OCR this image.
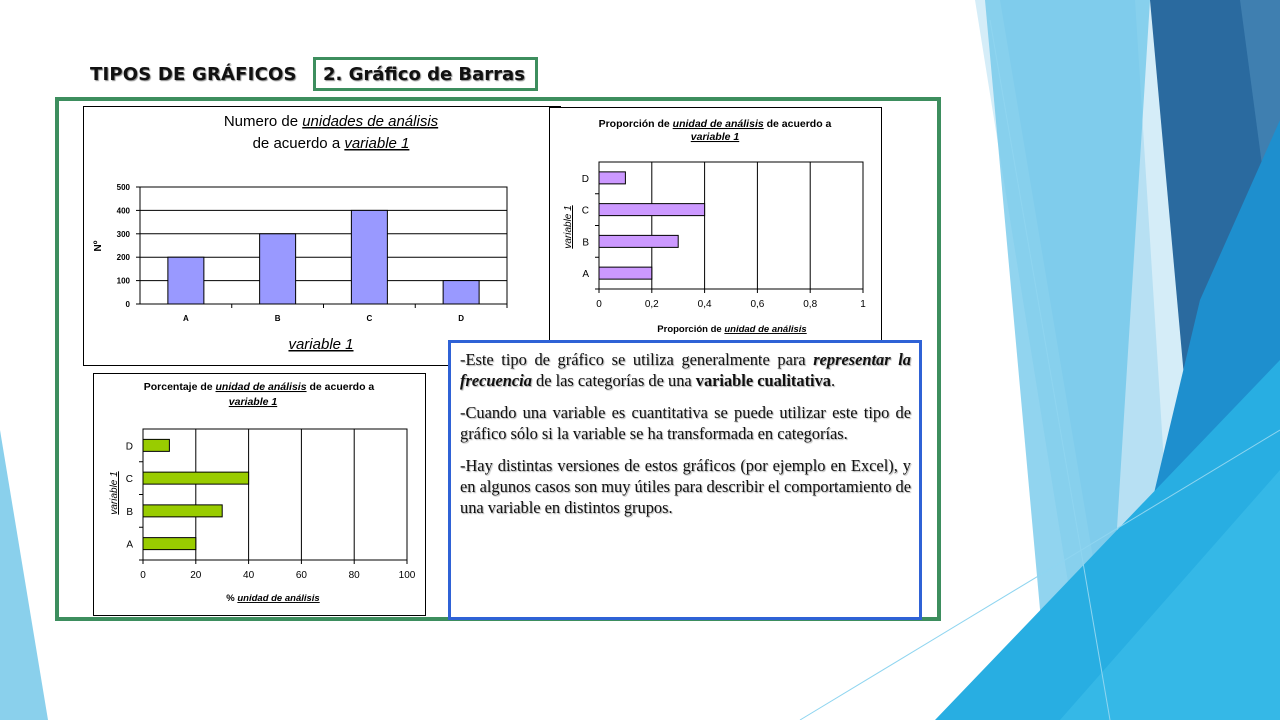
TIPOS DE GRÁFICOS 2. Gráfico de Barras
Numero de unidades de análisis
de acuerdo a variable 1
Nº
variable 1
0
100
200
300
400
500
A	B	C	D
Proporción de unidad de análisis de acuerdo a
variable 1
variable 1
Proporción de unidad de análisis
0	0,2	0,4	0,6	0,8	1
A
B
C
D
Porcentaje de unidad de análisis de acuerdo a
variable 1
variable 1
% unidad de análisis
0	20	40	60	80	100
A
B
C
D

-Este tipo de gráfico se utiliza generalmente para representar la frecuencia de las categorías de una variable cualitativa.

-Cuando una variable es cuantitativa se puede utilizar este tipo de gráfico sólo si la variable se ha transformada en categorías.

-Hay distintas versiones de estos gráficos (por ejemplo en Excel), y en algunos casos son muy útiles para describir el comportamiento de una variable en distintos grupos.
